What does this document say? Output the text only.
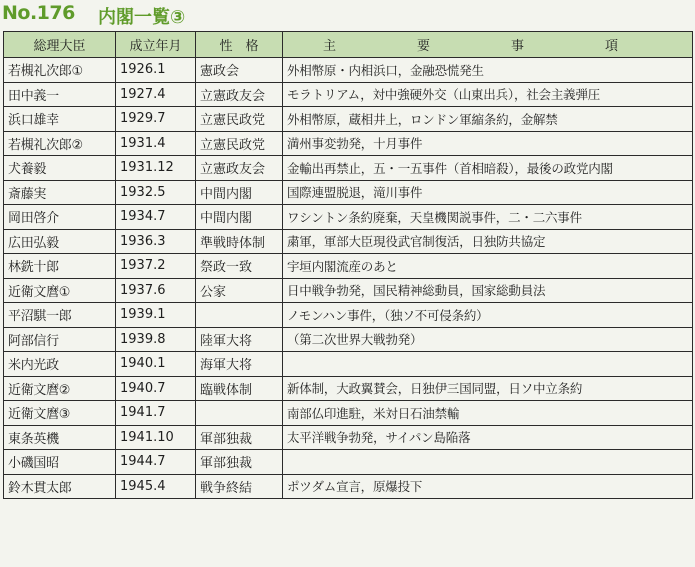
No.176 内閣一覧③
総理大臣	成立年月	性　格	主　要　事　項
若槻礼次郎①	1926.1	憲政会	外相幣原・内相浜口，金融恐慌発生
田中義一	1927.4	立憲政友会	モラトリアム，対中強硬外交（山東出兵），社会主義弾圧
浜口雄幸	1929.7	立憲民政党	外相幣原，蔵相井上，ロンドン軍縮条約，金解禁
若槻礼次郎②	1931.4	立憲民政党	満州事変勃発，十月事件
犬養毅	1931.12	立憲政友会	金輸出再禁止，五・一五事件（首相暗殺），最後の政党内閣
斎藤実	1932.5	中間内閣	国際連盟脱退，滝川事件
岡田啓介	1934.7	中間内閣	ワシントン条約廃棄，天皇機関説事件，二・二六事件
広田弘毅	1936.3	準戦時体制	粛軍，軍部大臣現役武官制復活，日独防共協定
林銑十郎	1937.2	祭政一致	宇垣内閣流産のあと
近衛文麿①	1937.6	公家	日中戦争勃発，国民精神総動員，国家総動員法
平沼騏一郎	1939.1		ノモンハン事件，（独ソ不可侵条約）
阿部信行	1939.8	陸軍大将	（第二次世界大戦勃発）
米内光政	1940.1	海軍大将	
近衛文麿②	1940.7	臨戦体制	新体制，大政翼賛会，日独伊三国同盟，日ソ中立条約
近衛文麿③	1941.7		南部仏印進駐，米対日石油禁輸
東条英機	1941.10	軍部独裁	太平洋戦争勃発，サイパン島陥落
小磯国昭	1944.7	軍部独裁	
鈴木貫太郎	1945.4	戦争終結	ポツダム宣言，原爆投下
